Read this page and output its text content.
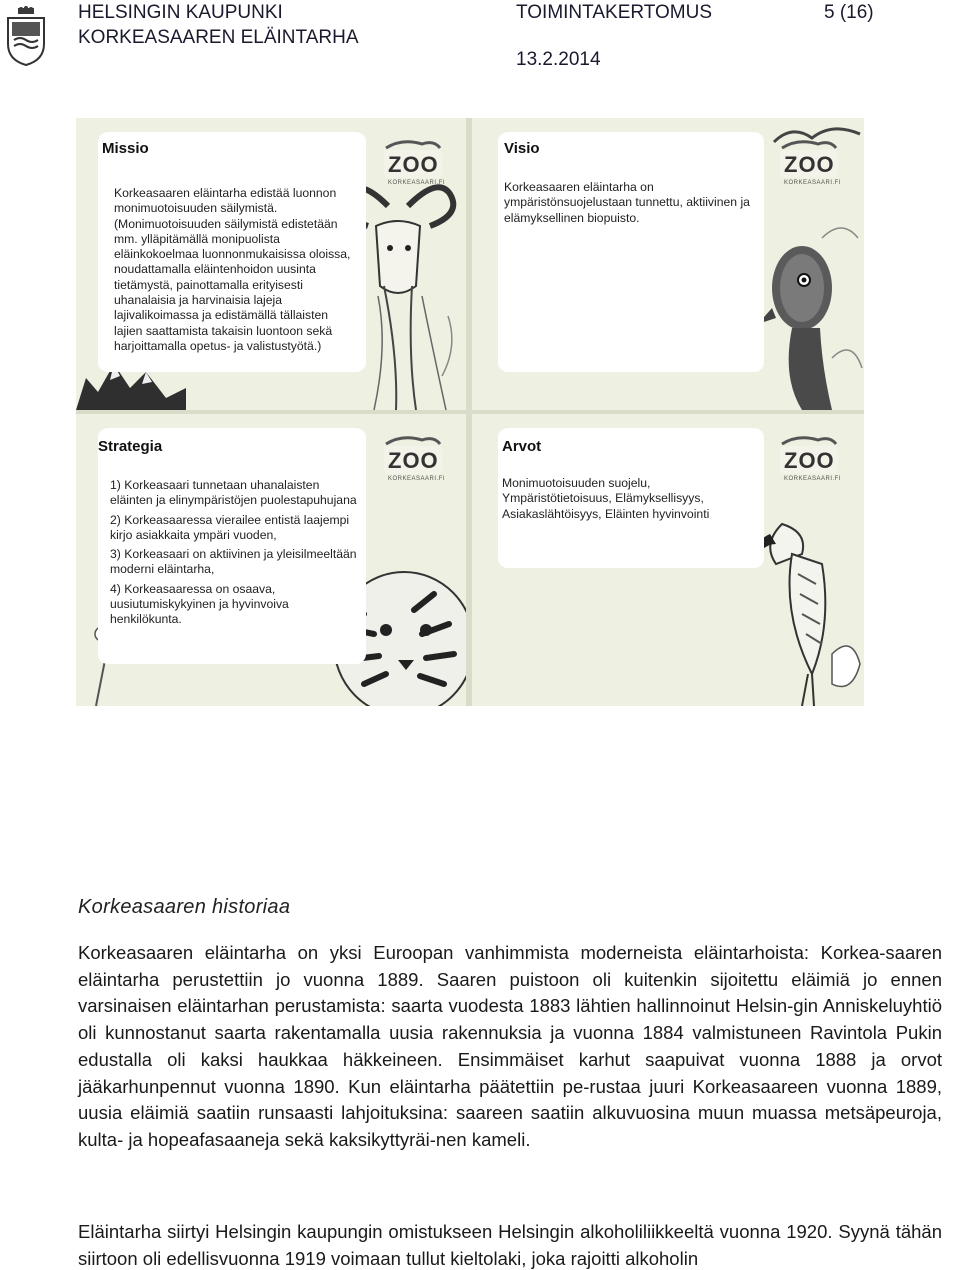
HELSINGIN KAUPUNKI
KORKEASAAREN ELÄINTARHA
TOIMINTAKERTOMUS	5 (16)
13.2.2014
Missio
Korkeasaaren eläintarha edistää luonnon monimuotoisuuden säilymistä. (Monimuotoisuuden säilymistä edistetään mm. ylläpitämällä monipuolista eläinkokoelmaa luonnonmukaisissa oloissa, noudattamalla eläintenhoidon uusinta tietämystä, painottamalla erityisesti uhanalaisia ja harvinaisia lajeja lajivalikoimassa ja edistämällä tällaisten lajien saattamista takaisin luontoon sekä harjoittamalla opetus- ja valistustyötä.)
ZOO
KORKEASAARI.FI
Visio
Korkeasaaren eläintarha on ympäristönsuojelustaan tunnettu, aktiivinen ja elämyksellinen biopuisto.
ZOO
KORKEASAARI.FI
Strategia

1) Korkeasaari tunnetaan uhanalaisten eläinten ja elinympäristöjen puolestapuhujana

2) Korkeasaaressa vierailee entistä laajempi kirjo asiakkaita ympäri vuoden,

3) Korkeasaari on aktiivinen ja yleisilmeeltään moderni eläintarha,

4) Korkeasaaressa on osaava, uusiutumiskykyinen ja hyvinvoiva henkilökunta.

ZOO
KORKEASAARI.FI
Arvot
Monimuotoisuuden suojelu, Ympäristötietoisuus, Elämyksellisyys, Asiakaslähtöisyys, Eläinten hyvinvointi
ZOO
KORKEASAARI.FI
Korkeasaaren historiaa
Korkeasaaren eläintarha on yksi Euroopan vanhimmista moderneista eläintarhoista: Korkea-saaren eläintarha perustettiin jo vuonna 1889. Saaren puistoon oli kuitenkin sijoitettu eläimiä jo ennen varsinaisen eläintarhan perustamista: saarta vuodesta 1883 lähtien hallinnoinut Helsin-gin Anniskeluyhtiö oli kunnostanut saarta rakentamalla uusia rakennuksia ja vuonna 1884 valmistuneen Ravintola Pukin edustalla oli kaksi haukkaa häkkeineen. Ensimmäiset karhut saapuivat vuonna 1888 ja orvot jääkarhunpennut vuonna 1890. Kun eläintarha päätettiin pe-rustaa juuri Korkeasaareen vuonna 1889, uusia eläimiä saatiin runsaasti lahjoituksina: saareen saatiin alkuvuosina muun muassa metsäpeuroja, kulta- ja hopeafasaaneja sekä kaksikyttyräi-nen kameli.
Eläintarha siirtyi Helsingin kaupungin omistukseen Helsingin alkoholiliikkeeltä vuonna 1920. Syynä tähän siirtoon oli edellisvuonna 1919 voimaan tullut kieltolaki, joka rajoitti alkoholin
